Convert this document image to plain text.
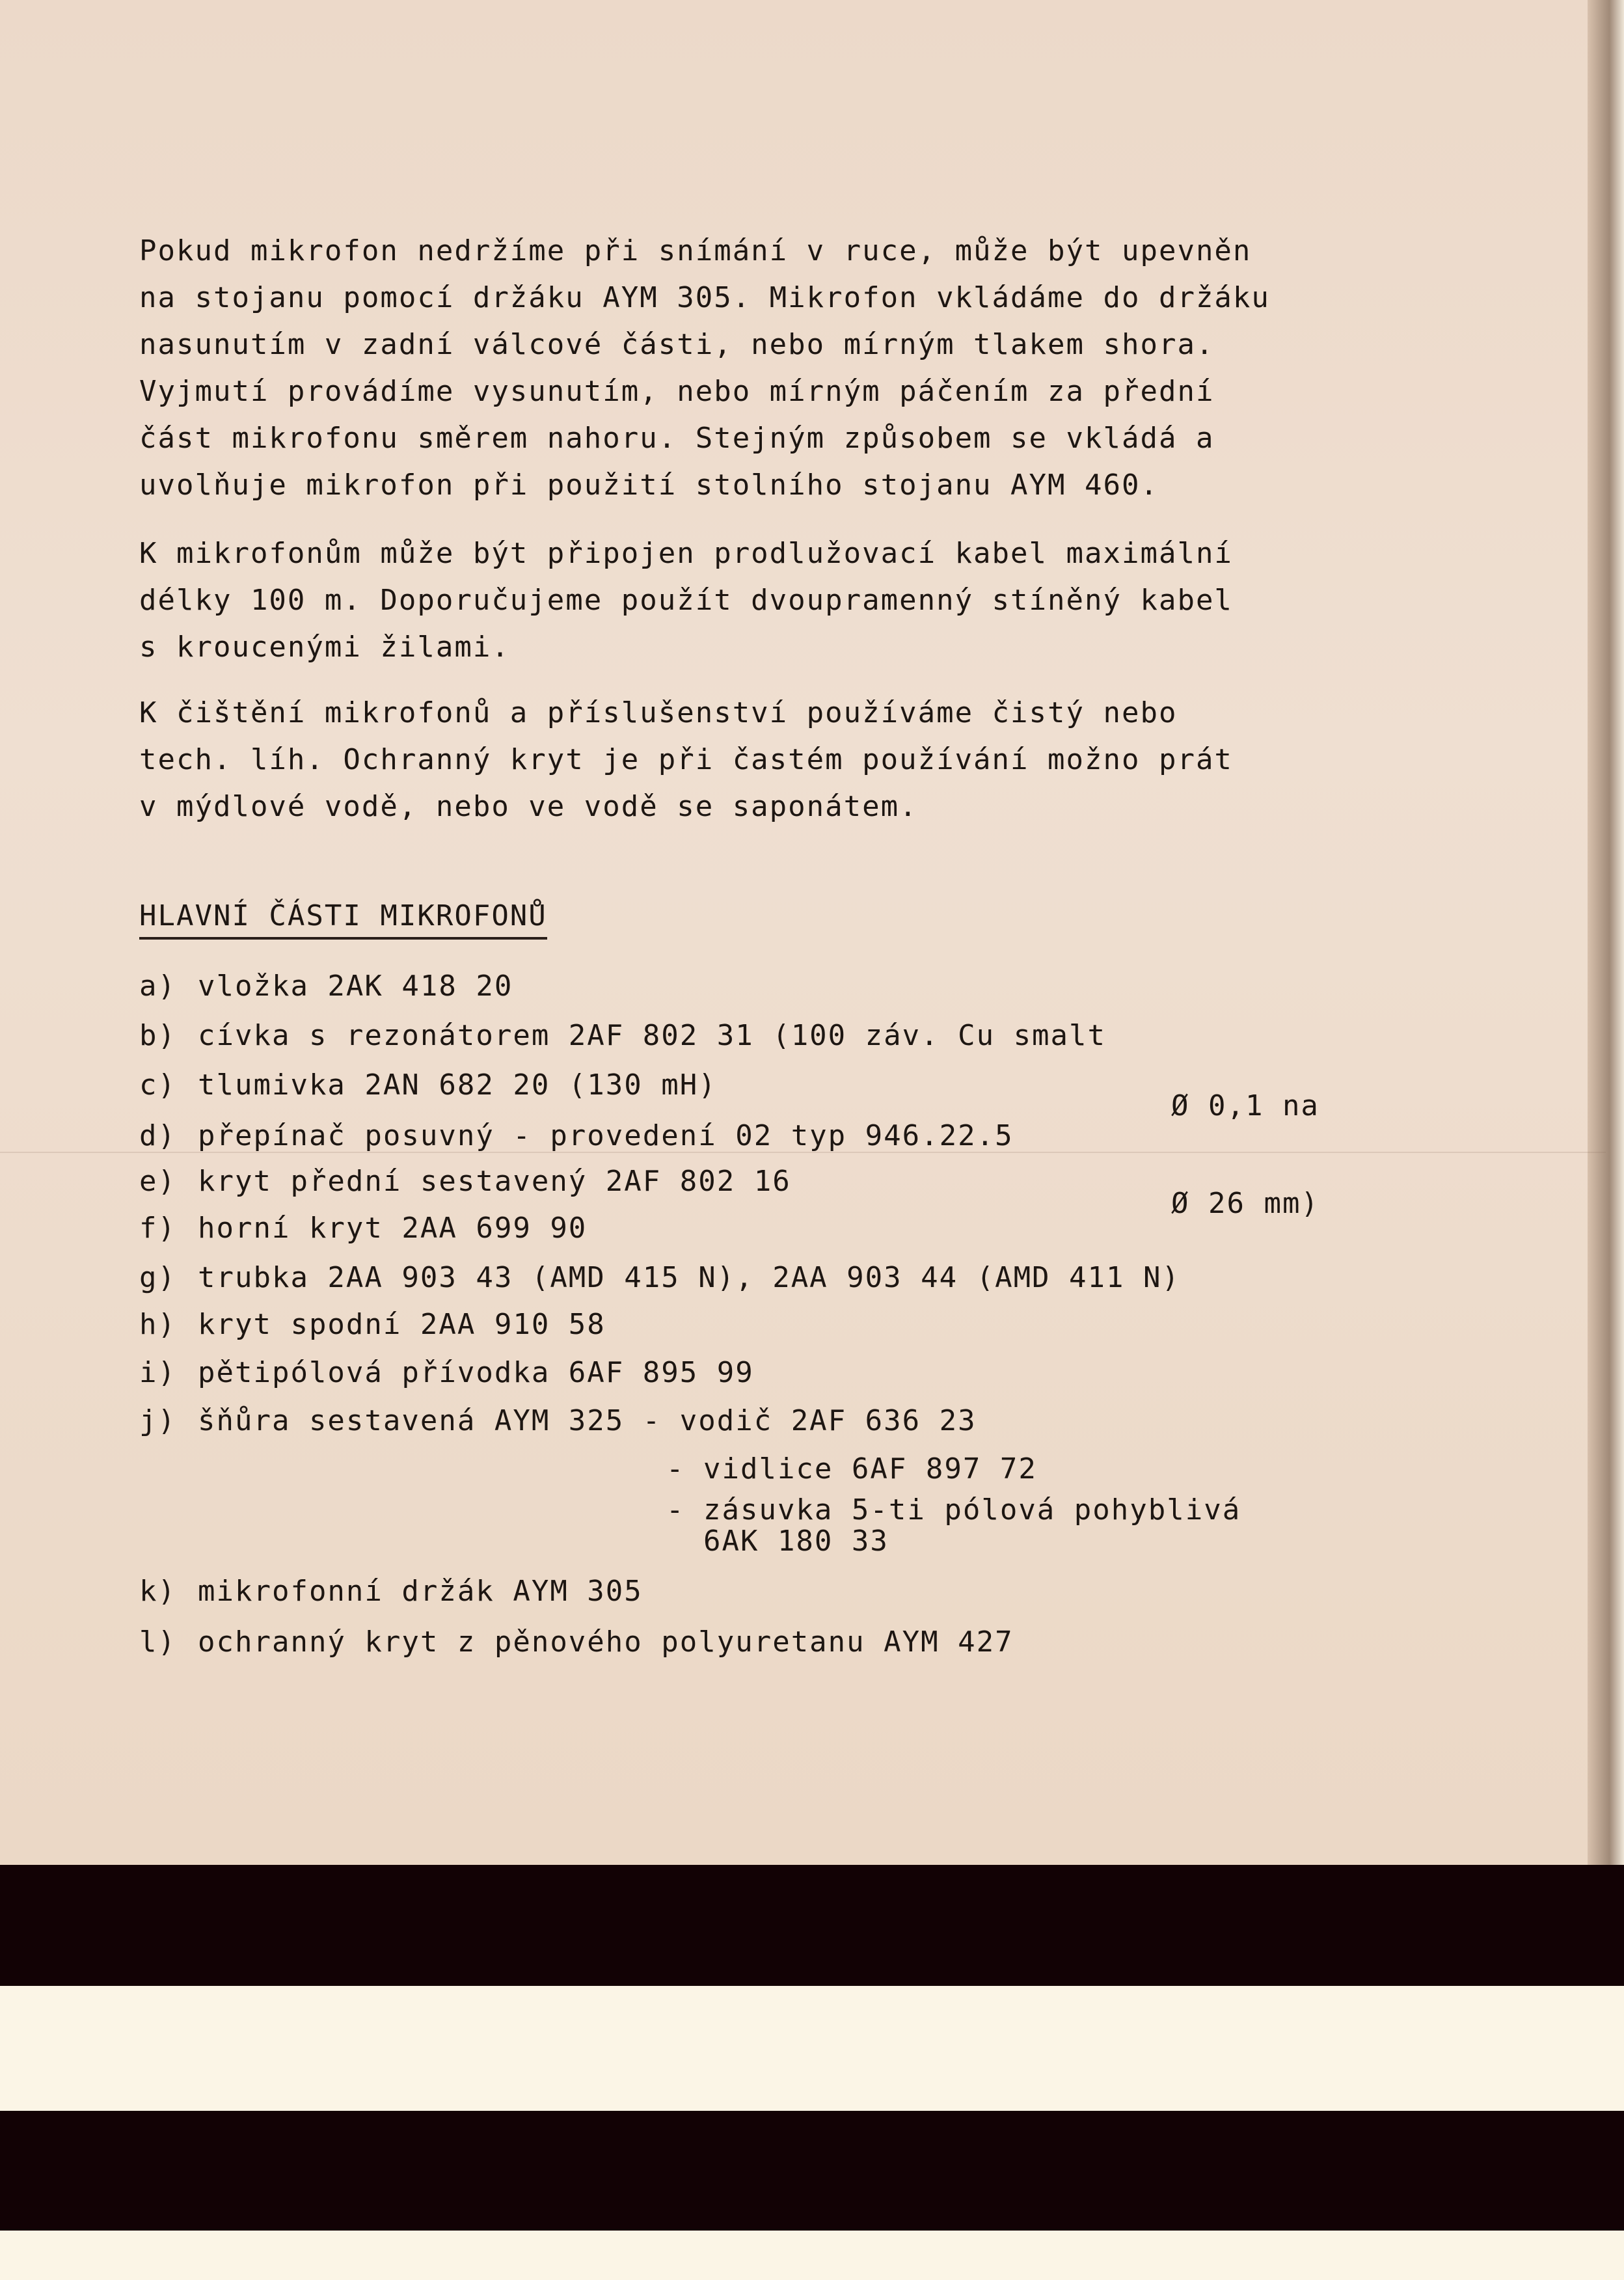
Pokud mikrofon nedržíme při snímání v ruce, může být upevněn
na stojanu pomocí držáku AYM 305. Mikrofon vkládáme do držáku
nasunutím v zadní válcové části, nebo mírným tlakem shora.
Vyjmutí provádíme vysunutím, nebo mírným páčením za přední
část mikrofonu směrem nahoru. Stejným způsobem se vkládá a
uvolňuje mikrofon při použití stolního stojanu AYM 460.
K mikrofonům může být připojen prodlužovací kabel maximální
délky 100 m. Doporučujeme použít dvoupramenný stíněný kabel
s kroucenými žilami.
K čištění mikrofonů a příslušenství používáme čistý nebo
tech. líh. Ochranný kryt je při častém používání možno prát
v mýdlové vodě, nebo ve vodě se saponátem.
HLAVNÍ ČÁSTI MIKROFONŮ
a) vložka 2AK 418 20
b) cívka s rezonátorem 2AF 802 31 (100 záv. Cu smalt

Ø 0,1 na

Ø 26 mm)

c) tlumivka 2AN 682 20 (130 mH)
d) přepínač posuvný - provedení 02 typ 946.22.5
e) kryt přední sestavený 2AF 802 16
f) horní kryt 2AA 699 90
g) trubka 2AA 903 43 (AMD 415 N), 2AA 903 44 (AMD 411 N)
h) kryt spodní 2AA 910 58
i) pětipólová přívodka 6AF 895 99
j) šňůra sestavená AYM 325 - vodič 2AF 636 23
- vidlice 6AF 897 72
- zásuvka 5-ti pólová pohyblivá
6AK 180 33
k) mikrofonní držák AYM 305
l) ochranný kryt z pěnového polyuretanu AYM 427
